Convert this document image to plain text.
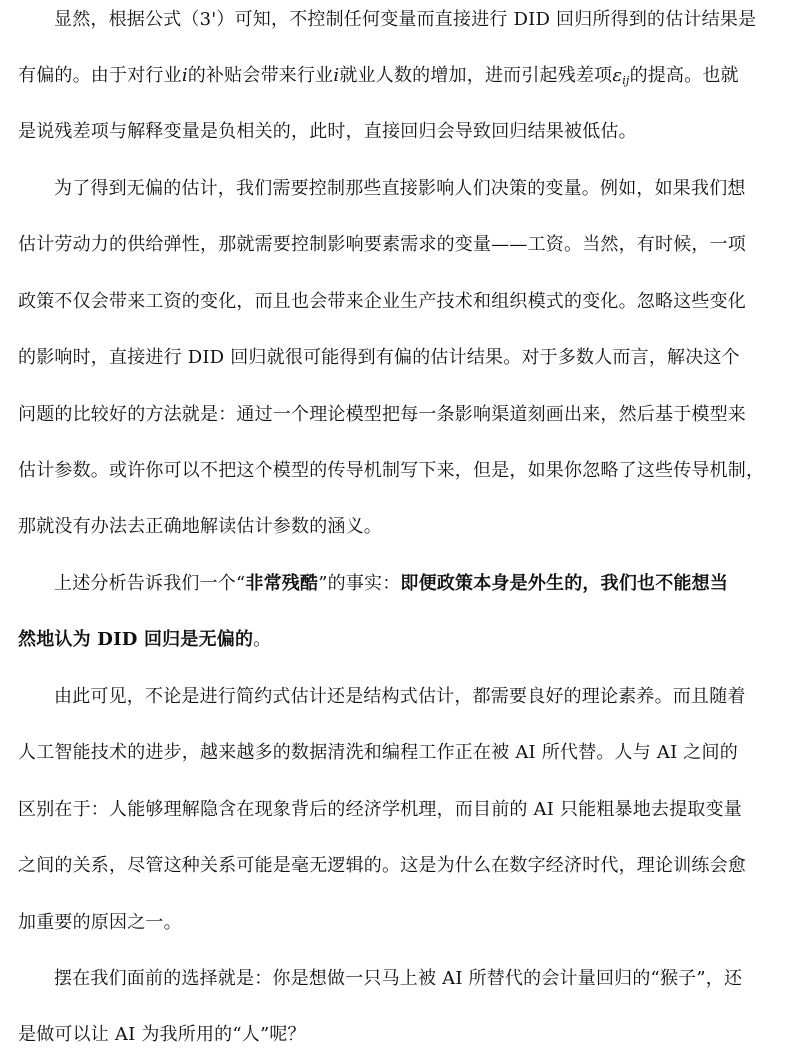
显然，根据公式（3'）可知，不控制任何变量而直接进行 DID 回归所得到的估计结果是
有偏的。由于对行业i的补贴会带来行业i就业人数的增加，进而引起残差项$\varepsilon_{ij}$的提高。也就
是说残差项与解释变量是负相关的，此时，直接回归会导致回归结果被低估。
为了得到无偏的估计，我们需要控制那些直接影响人们决策的变量。例如，如果我们想
估计劳动力的供给弹性，那就需要控制影响要素需求的变量——工资。当然，有时候，一项
政策不仅会带来工资的变化，而且也会带来企业生产技术和组织模式的变化。忽略这些变化
的影响时，直接进行 DID 回归就很可能得到有偏的估计结果。对于多数人而言，解决这个
问题的比较好的方法就是：通过一个理论模型把每一条影响渠道刻画出来，然后基于模型来
估计参数。或许你可以不把这个模型的传导机制写下来，但是，如果你忽略了这些传导机制，
那就没有办法去正确地解读估计参数的涵义。
上述分析告诉我们一个“非常残酷”的事实：即便政策本身是外生的，我们也不能想当
然地认为 DID 回归是无偏的。
由此可见，不论是进行简约式估计还是结构式估计，都需要良好的理论素养。而且随着
人工智能技术的进步，越来越多的数据清洗和编程工作正在被 AI 所代替。人与 AI 之间的
区别在于：人能够理解隐含在现象背后的经济学机理，而目前的 AI 只能粗暴地去提取变量
之间的关系，尽管这种关系可能是毫无逻辑的。这是为什么在数字经济时代，理论训练会愈
加重要的原因之一。
摆在我们面前的选择就是：你是想做一只马上被 AI 所替代的会计量回归的“猴子”，还
是做可以让 AI 为我所用的“人”呢？
